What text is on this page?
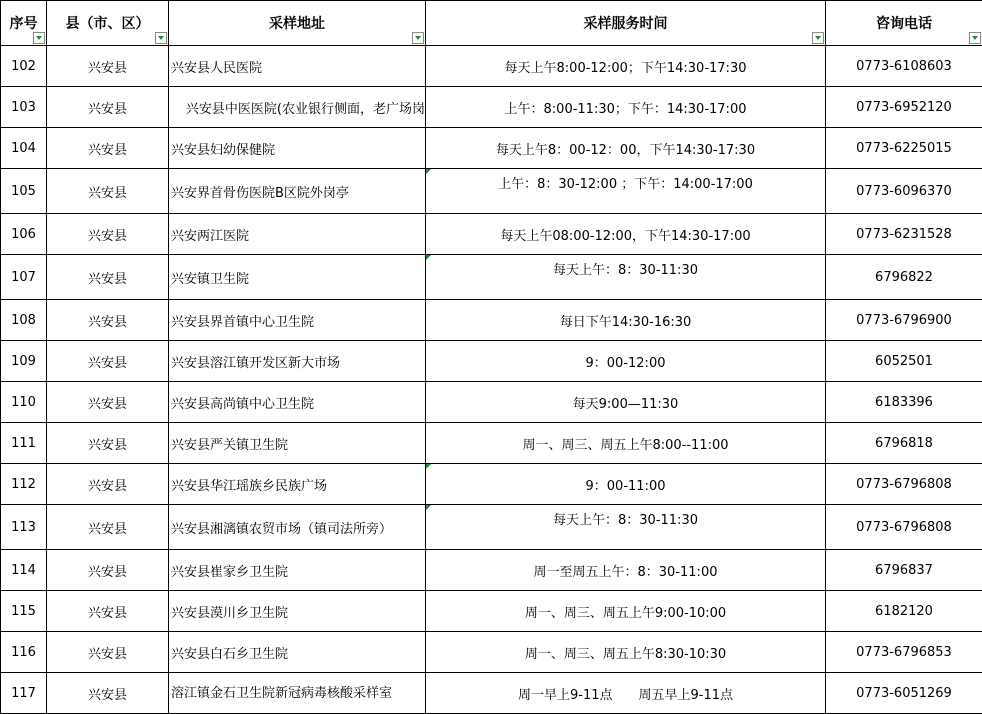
序号	县（市、区）	采样地址	采样服务时间	咨询电话

102	兴安县	兴安县人民医院	每天上午8:00-12:00；下午14:30-17:30	0773-6108603
103	兴安县	兴安县中医医院(农业银行侧面，老广场岗	上午：8:00-11:30；下午：14:30-17:00	0773-6952120
104	兴安县	兴安县妇幼保健院	每天上午8：00-12：00，下午14:30-17:30	0773-6225015
105	兴安县	兴安界首骨伤医院B区院外岗亭	上午：8：30-12:00 ；下午：14:00-17:00	0773-6096370
106	兴安县	兴安两江医院	每天上午08:00-12:00，下午14:30-17:00	0773-6231528
107	兴安县	兴安镇卫生院	每天上午：8：30-11:30	6796822
108	兴安县	兴安县界首镇中心卫生院	每日下午14:30-16:30	0773-6796900
109	兴安县	兴安县溶江镇开发区新大市场	9：00-12:00	6052501
110	兴安县	兴安县高尚镇中心卫生院	每天9:00—11:30	6183396
111	兴安县	兴安县严关镇卫生院	周一、周三、周五上午8:00--11:00	6796818
112	兴安县	兴安县华江瑶族乡民族广场	9：00-11:00	0773-6796808
113	兴安县	兴安县湘漓镇农贸市场（镇司法所旁）	每天上午：8：30-11:30	0773-6796808
114	兴安县	兴安县崔家乡卫生院	周一至周五上午：8：30-11:00	6796837
115	兴安县	兴安县漠川乡卫生院	周一、周三、周五上午9:00-10:00	6182120
116	兴安县	兴安县白石乡卫生院	周一、周三、周五上午8:30-10:30	0773-6796853
117	兴安县	溶江镇金石卫生院新冠病毒核酸采样室	周一早上9-11点　　周五早上9-11点	0773-6051269
